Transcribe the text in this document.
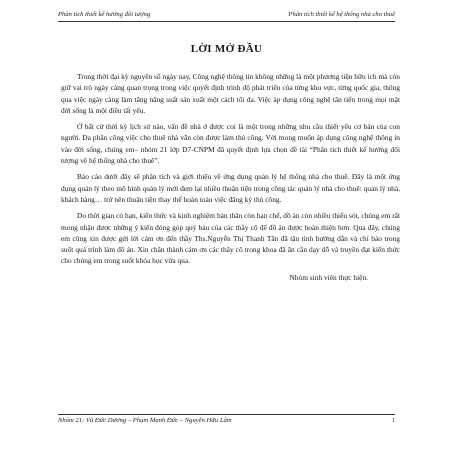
Phân tích thiết kế hướng đối tượng	Phân tích thiết kế hệ thống nhà cho thuê
LỜI MỞ ĐẦU

Trong thời đại kỳ nguyên số ngày nay, Công nghệ thông tin không những là một phương tiện hữu ích mà còn giữ vai trò ngày càng quan trọng trong việc quyết định trình độ phát triển của từng khu vực, từng quốc gia, thông qua việc ngày càng làm tăng năng suất sản xuất một cách tối đa. Việc áp dụng công nghệ tân tiến trong mọi mặt đời sống là một điều tất yếu.

Ở bất cứ thời kỳ lịch sử nào, vấn đề nhà ở được coi là một trong những nhu cầu thiết yếu cơ bản của con người. Đa phần công việc cho thuê nhà vẫn còn được làm thủ công. Với mong muốn áp dụng công nghệ thông in vào đời sống, chúng em– nhóm 21 lớp D7-CNPM đã quyết định lựa chọn đề tài “Phân tích thiết kế hướng đối tượng về hệ thống nhà cho thuê”.

Bảo cáo dưới đây sẽ phân tích và giới thiệu về ứng dụng quản lý hệ thống nhà cho thuê. Đây là một ứng dụng quản lý theo mô hình quản lý mới đem lại nhiều thuận tiện trong công tác quản lý nhà cho thuê: quản lý nhà, khách hàng… trở nên thuận tiện thay thế hoàn toàn việc đăng ký thủ công.

Do thời gian có hạn, kiến thức và kinh nghiệm bản thân còn hạn chế, đồ án còn nhiều thiếu sót, chúng em rất mong nhận được những ý kiến đóng góp quý báu của các thầy cô để đồ án được hoàn thiện hơn. Qua đây, chúng em cũng xin được gửi lời cảm ơn đến thầy Ths.Nguyễn Thị Thanh Tân đã tận tình hướng dẫn và chỉ bảo trong suốt quá trình làm đồ án. Xin chân thành cảm ơn các thầy cô trong khoa đã ân cần dạy dỗ và truyền đạt kiến thức cho chúng em trong suốt khóa học vừa qua.

Nhóm sinh viên thực hiện.
Nhóm 21: Vũ Đức Dương – Phạm Mạnh Đức – Nguyễn Hữu Lâm	1
